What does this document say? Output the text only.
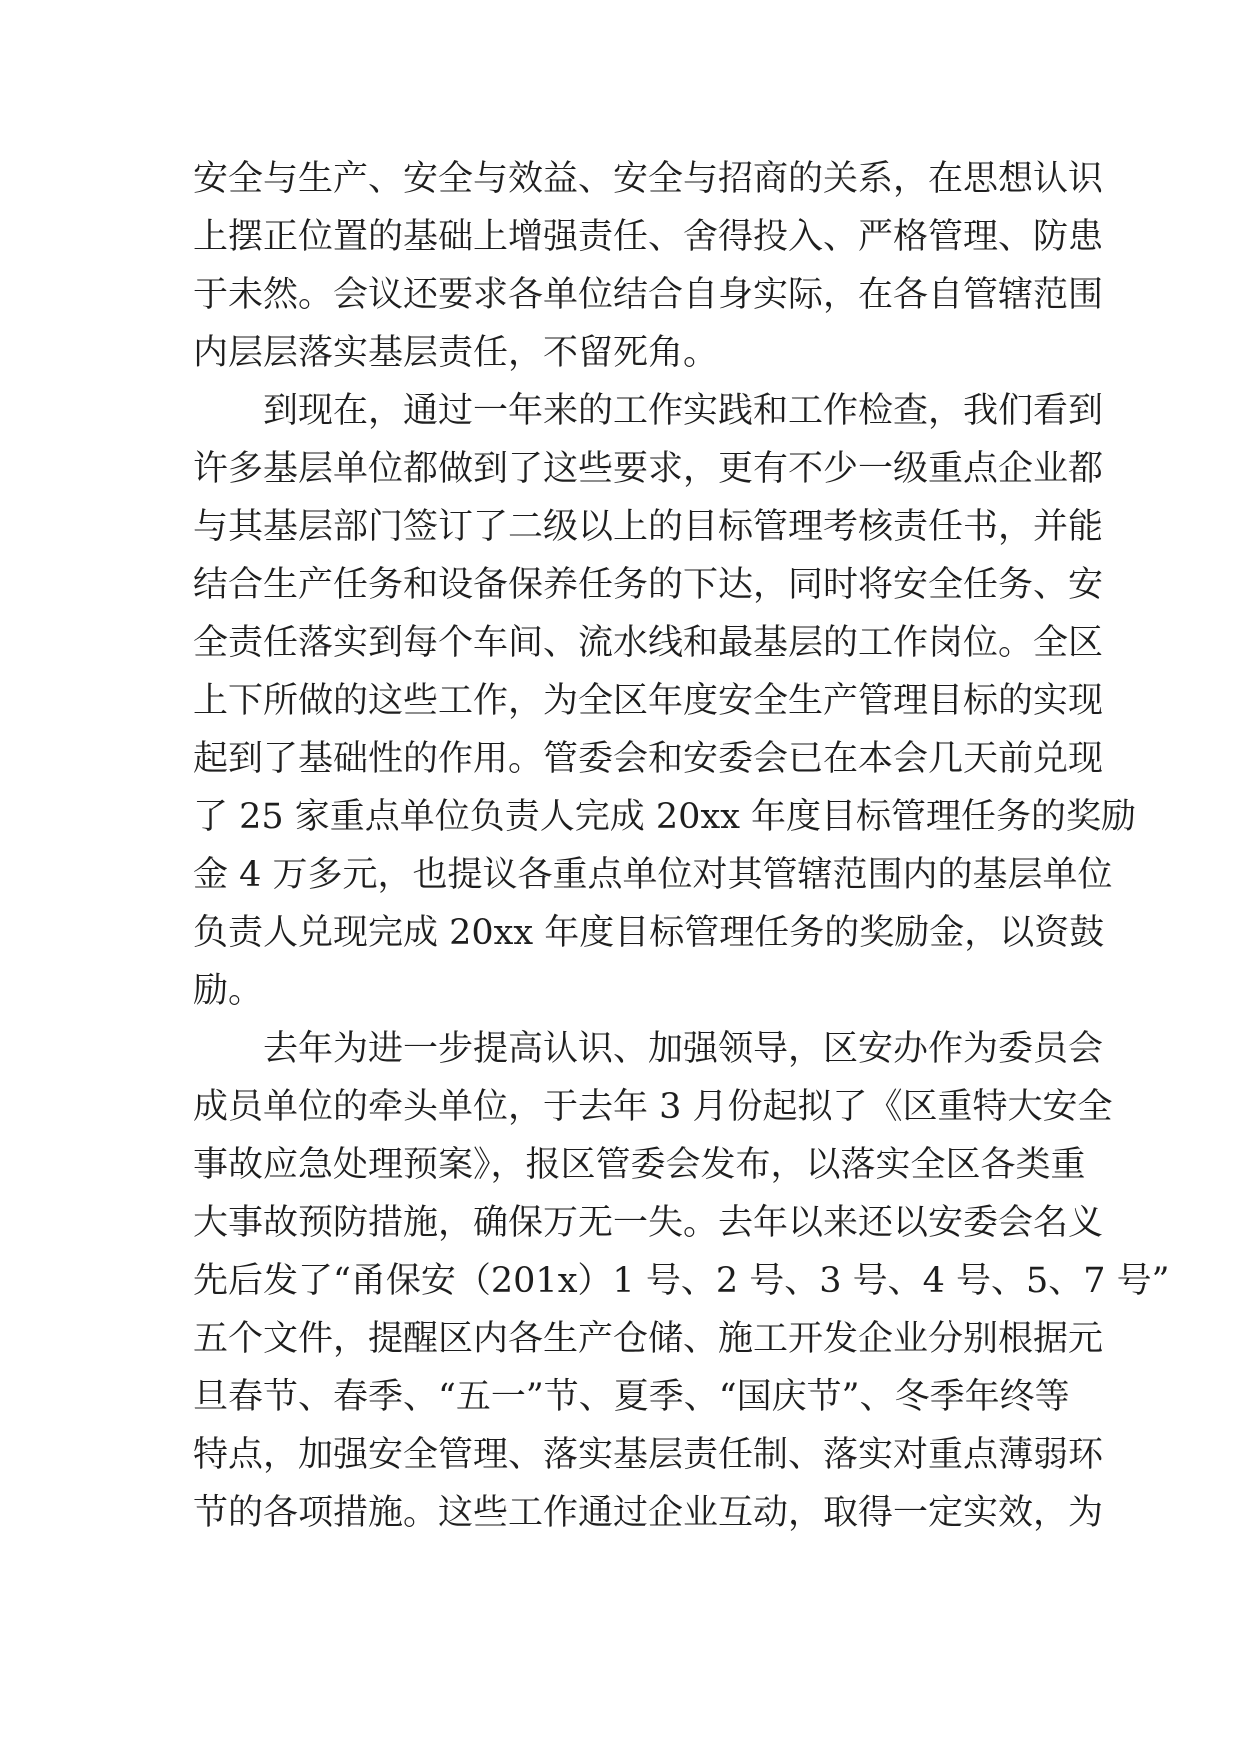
安全与生产、安全与效益、安全与招商的关系，在思想认识
上摆正位置的基础上增强责任、舍得投入、严格管理、防患
于未然。会议还要求各单位结合自身实际，在各自管辖范围
内层层落实基层责任，不留死角。
到现在，通过一年来的工作实践和工作检查，我们看到
许多基层单位都做到了这些要求，更有不少一级重点企业都
与其基层部门签订了二级以上的目标管理考核责任书，并能
结合生产任务和设备保养任务的下达，同时将安全任务、安
全责任落实到每个车间、流水线和最基层的工作岗位。全区
上下所做的这些工作，为全区年度安全生产管理目标的实现
起到了基础性的作用。管委会和安委会已在本会几天前兑现
了 25 家重点单位负责人完成 20xx 年度目标管理任务的奖励
金 4 万多元，也提议各重点单位对其管辖范围内的基层单位
负责人兑现完成 20xx 年度目标管理任务的奖励金，以资鼓
励。
去年为进一步提高认识、加强领导，区安办作为委员会
成员单位的牵头单位，于去年 3 月份起拟了《区重特大安全
事故应急处理预案》，报区管委会发布，以落实全区各类重
大事故预防措施，确保万无一失。去年以来还以安委会名义
先后发了“甬保安（201x）1 号、2 号、3 号、4 号、5、7 号”
五个文件，提醒区内各生产仓储、施工开发企业分别根据元
旦春节、春季、“五一”节、夏季、“国庆节”、冬季年终等
特点，加强安全管理、落实基层责任制、落实对重点薄弱环
节的各项措施。这些工作通过企业互动，取得一定实效，为
